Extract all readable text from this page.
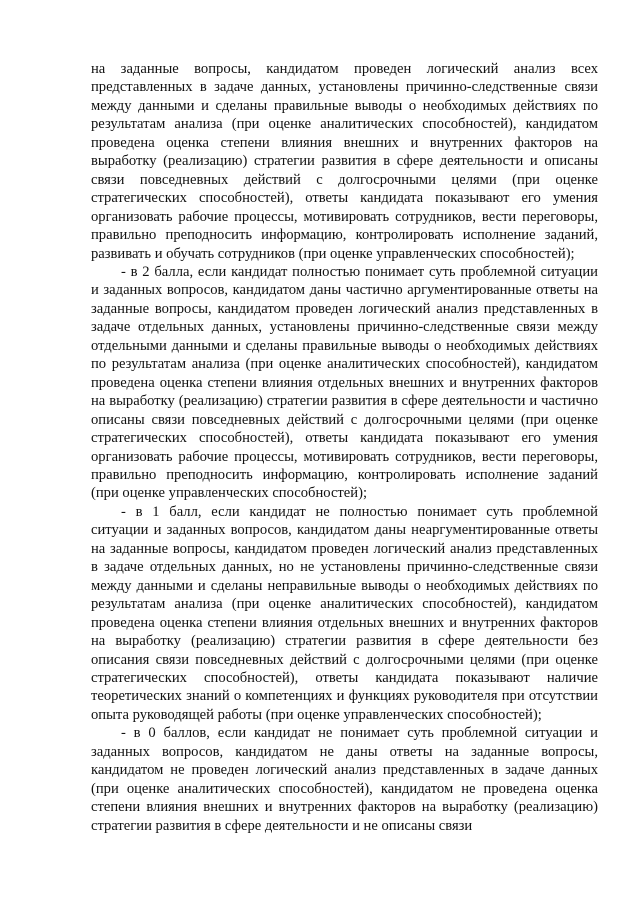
на заданные вопросы, кандидатом проведен логический анализ всех представленных в задаче данных, установлены причинно-следственные связи между данными и сделаны правильные выводы о необходимых действиях по результатам анализа (при оценке аналитических способностей), кандидатом проведена оценка степени влияния внешних и внутренних факторов на выработку (реализацию) стратегии развития в сфере деятельности и описаны связи повседневных действий с долгосрочными целями (при оценке стратегических способностей), ответы кандидата показывают его умения организовать рабочие процессы, мотивировать сотрудников, вести переговоры, правильно преподносить информацию, контролировать исполнение заданий, развивать и обучать сотрудников (при оценке управленческих способностей);

- в 2 балла, если кандидат полностью понимает суть проблемной ситуации и заданных вопросов, кандидатом даны частично аргументированные ответы на заданные вопросы, кандидатом проведен логический анализ представленных в задаче отдельных данных, установлены причинно-следственные связи между отдельными данными и сделаны правильные выводы о необходимых действиях по результатам анализа (при оценке аналитических способностей), кандидатом проведена оценка степени влияния отдельных внешних и внутренних факторов на выработку (реализацию) стратегии развития в сфере деятельности и частично описаны связи повседневных действий с долгосрочными целями (при оценке стратегических способностей), ответы кандидата показывают его умения организовать рабочие процессы, мотивировать сотрудников, вести переговоры, правильно преподносить информацию, контролировать исполнение заданий (при оценке управленческих способностей);

- в 1 балл, если кандидат не полностью понимает суть проблемной ситуации и заданных вопросов, кандидатом даны неаргументированные ответы на заданные вопросы, кандидатом проведен логический анализ представленных в задаче отдельных данных, но не установлены причинно-следственные связи между данными и сделаны неправильные выводы о необходимых действиях по результатам анализа (при оценке аналитических способностей), кандидатом проведена оценка степени влияния отдельных внешних и внутренних факторов на выработку (реализацию) стратегии развития в сфере деятельности без описания связи повседневных действий с долгосрочными целями (при оценке стратегических способностей), ответы кандидата показывают наличие теоретических знаний о компетенциях и функциях руководителя при отсутствии опыта руководящей работы (при оценке управленческих способностей);

- в 0 баллов, если кандидат не понимает суть проблемной ситуации и заданных вопросов, кандидатом не даны ответы на заданные вопросы, кандидатом не проведен логический анализ представленных в задаче данных (при оценке аналитических способностей), кандидатом не проведена оценка степени влияния внешних и внутренних факторов на выработку (реализацию) стратегии развития в сфере деятельности и не описаны связи
